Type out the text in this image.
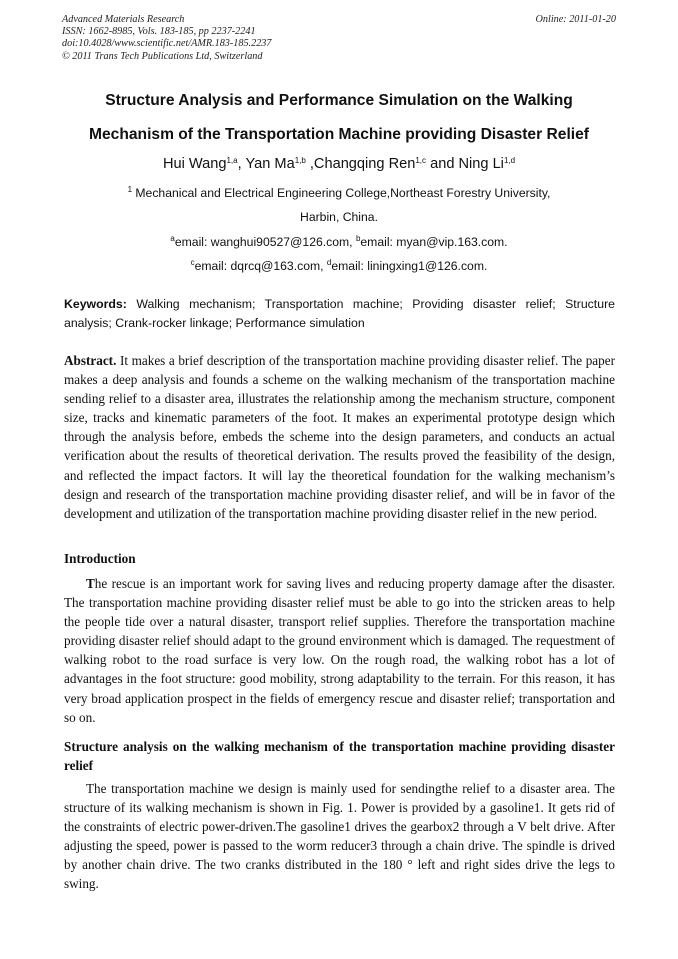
Advanced Materials Research
ISSN: 1662-8985, Vols. 183-185, pp 2237-2241
doi:10.4028/www.scientific.net/AMR.183-185.2237
© 2011 Trans Tech Publications Ltd, Switzerland
Online: 2011-01-20
Structure Analysis and Performance Simulation on the Walking
Mechanism of the Transportation Machine providing Disaster Relief
Hui Wang$^{1,a}$, Yan Ma$^{1,b}$ ,Changqing Ren$^{1,c}$ and Ning Li$^{1,d}$
$^1$ Mechanical and Electrical Engineering College,Northeast Forestry University,
Harbin, China.
$^a$email: wanghui90527@126.com, $^b$email: myan@vip.163.com.
$^c$email: dqrcq@163.com, $^d$email: liningxing1@126.com.
Keywords: Walking mechanism; Transportation machine; Providing disaster relief; Structure analysis; Crank-rocker linkage; Performance simulation
Abstract. It makes a brief description of the transportation machine providing disaster relief. The paper makes a deep analysis and founds a scheme on the walking mechanism of the transportation machine sending relief to a disaster area, illustrates the relationship among the mechanism structure, component size, tracks and kinematic parameters of the foot. It makes an experimental prototype design which through the analysis before, embeds the scheme into the design parameters, and conducts an actual verification about the results of theoretical derivation. The results proved the feasibility of the design, and reflected the impact factors. It will lay the theoretical foundation for the walking mechanism’s design and research of the transportation machine providing disaster relief, and will be in favor of the development and utilization of the transportation machine providing disaster relief in the new period.
Introduction
The rescue is an important work for saving lives and reducing property damage after the disaster. The transportation machine providing disaster relief must be able to go into the stricken areas to help the people tide over a natural disaster, transport relief supplies. Therefore the transportation machine providing disaster relief should adapt to the ground environment which is damaged. The requestment of walking robot to the road surface is very low. On the rough road, the walking robot has a lot of advantages in the foot structure: good mobility, strong adaptability to the terrain. For this reason, it has very broad application prospect in the fields of emergency rescue and disaster relief; transportation and so on.
Structure analysis on the walking mechanism of the transportation machine providing disaster relief
The transportation machine we design is mainly used for sendingthe relief to a disaster area. The structure of its walking mechanism is shown in Fig. 1. Power is provided by a gasoline1. It gets rid of the constraints of electric power-driven.The gasoline1 drives the gearbox2 through a V belt drive. After adjusting the speed, power is passed to the worm reducer3 through a chain drive. The spindle is drived by another chain drive. The two cranks distributed in the 180 ° left and right sides drive the legs to swing.
